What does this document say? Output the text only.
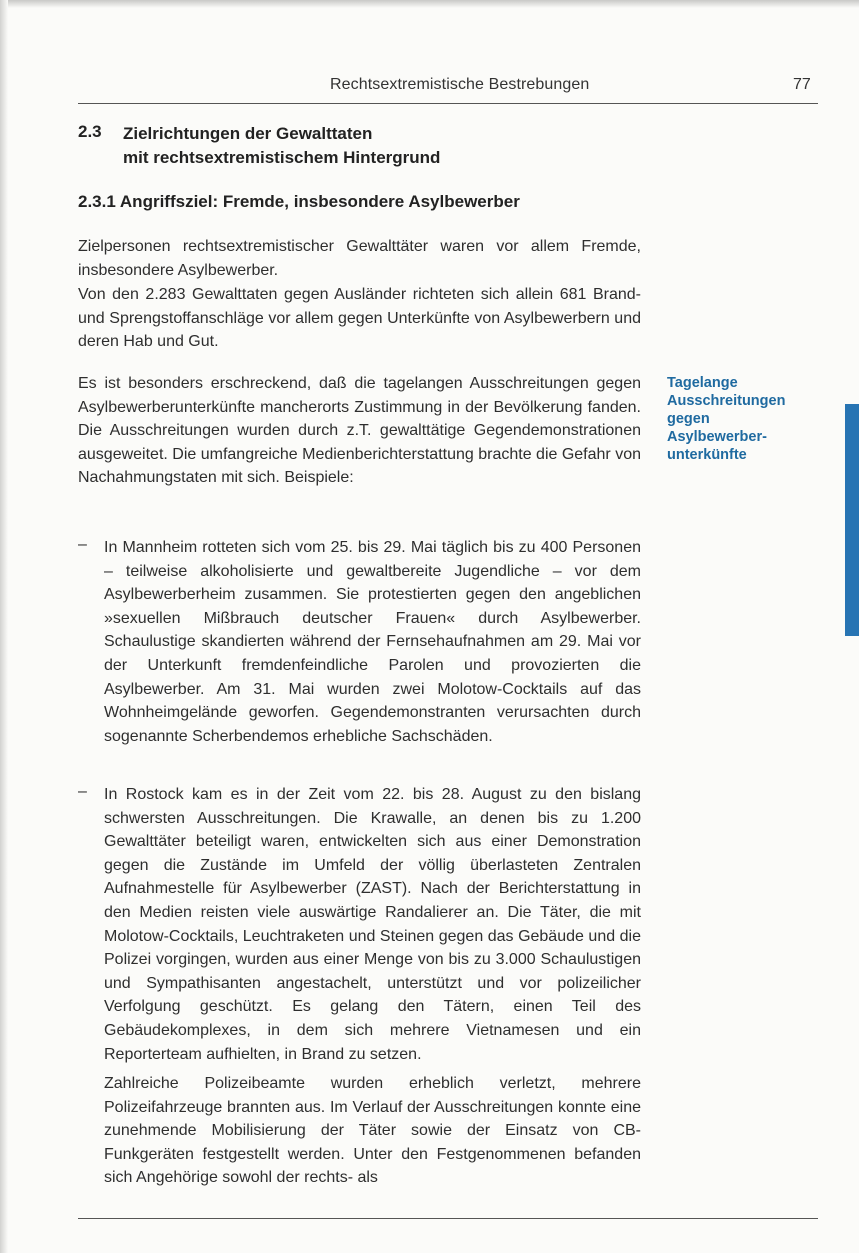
Rechtsextremistische Bestrebungen	77
2.3 Zielrichtungen der Gewalttaten
mit rechtsextremistischem Hintergrund
2.3.1 Angriffsziel: Fremde, insbesondere Asylbewerber
Zielpersonen rechtsextremistischer Gewalttäter waren vor allem Fremde, insbesondere Asylbewerber.
Von den 2.283 Gewalttaten gegen Ausländer richteten sich allein 681 Brand- und Sprengstoffanschläge vor allem gegen Unterkünfte von Asylbewerbern und deren Hab und Gut.
Es ist besonders erschreckend, daß die tagelangen Ausschreitungen gegen Asylbewerberunterkünfte mancherorts Zustimmung in der Bevölkerung fanden. Die Ausschreitungen wurden durch z.T. gewalttätige Gegendemonstrationen ausgeweitet. Die umfangreiche Medienberichterstattung brachte die Gefahr von Nachahmungstaten mit sich. Beispiele:
– In Mannheim rotteten sich vom 25. bis 29. Mai täglich bis zu 400 Personen – teilweise alkoholisierte und gewaltbereite Jugendliche – vor dem Asylbewerberheim zusammen. Sie protestierten gegen den angeblichen »sexuellen Mißbrauch deutscher Frauen« durch Asylbewerber. Schaulustige skandierten während der Fernsehaufnahmen am 29. Mai vor der Unterkunft fremdenfeindliche Parolen und provozierten die Asylbewerber. Am 31. Mai wurden zwei Molotow-Cocktails auf das Wohnheimgelände geworfen. Gegendemonstranten verursachten durch sogenannte Scherbendemos erhebliche Sachschäden.
– In Rostock kam es in der Zeit vom 22. bis 28. August zu den bislang schwersten Ausschreitungen. Die Krawalle, an denen bis zu 1.200 Gewalttäter beteiligt waren, entwickelten sich aus einer Demonstration gegen die Zustände im Umfeld der völlig überlasteten Zentralen Aufnahmestelle für Asylbewerber (ZAST). Nach der Berichterstattung in den Medien reisten viele auswärtige Randalierer an. Die Täter, die mit Molotow-Cocktails, Leuchtraketen und Steinen gegen das Gebäude und die Polizei vorgingen, wurden aus einer Menge von bis zu 3.000 Schaulustigen und Sympathisanten angestachelt, unterstützt und vor polizeilicher Verfolgung geschützt. Es gelang den Tätern, einen Teil des Gebäudekomplexes, in dem sich mehrere Vietnamesen und ein Reporterteam aufhielten, in Brand zu setzen.
Zahlreiche Polizeibeamte wurden erheblich verletzt, mehrere Polizeifahrzeuge brannten aus. Im Verlauf der Ausschreitungen konnte eine zunehmende Mobilisierung der Täter sowie der Einsatz von CB-Funkgeräten festgestellt werden. Unter den Festgenommenen befanden sich Angehörige sowohl der rechts- als
Tagelange
Ausschreitungen
gegen
Asylbewerber-
unterkünfte
